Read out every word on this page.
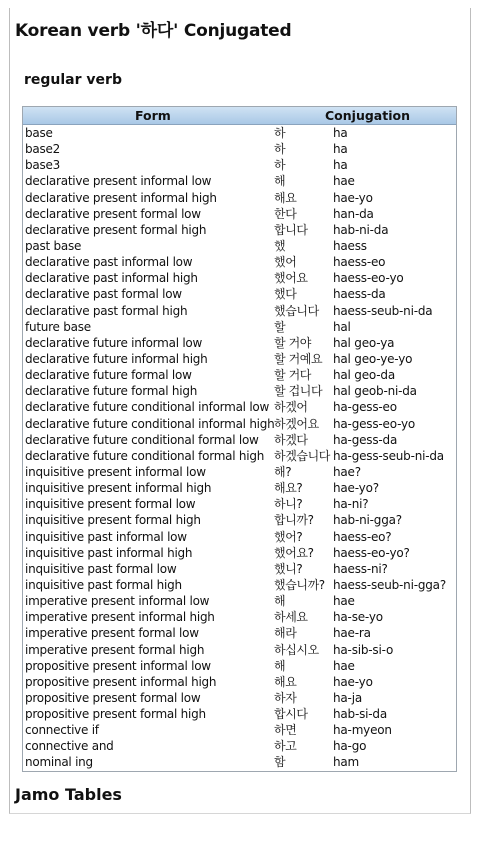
Korean verb '하다' Conjugated
regular verb
Form	Conjugation
base	하	ha
base2	하	ha
base3	하	ha
declarative present informal low	해	hae
declarative present informal high	해요	hae-yo
declarative present formal low	한다	han-da
declarative present formal high	합니다 hab-ni-da
past base	했	haess
declarative past informal low	했어	haess-eo
declarative past informal high	했어요 haess-eo-yo
declarative past formal low	했다	haess-da
declarative past formal high	했습니다 haess-seub-ni-da
future base	할	hal
declarative future informal low	할 거야 hal geo-ya
declarative future informal high	할 거예요 hal geo-ye-yo
declarative future formal low	할 거다 hal geo-da
declarative future formal high	할 겁니다 hal geob-ni-da
declarative future conditional informal low 하겠어 ha-gess-eo
declarative future conditional informal high 하겠어요 ha-gess-eo-yo
declarative future conditional formal low 하겠다 ha-gess-da
declarative future conditional formal high 하겠습니다 ha-gess-seub-ni-da
inquisitive present informal low	해?	hae?
inquisitive present informal high	해요?	hae-yo?
inquisitive present formal low	하니?	ha-ni?
inquisitive present formal high	합니까? hab-ni-gga?
inquisitive past informal low	했어?	haess-eo?
inquisitive past informal high	했어요? haess-eo-yo?
inquisitive past formal low	했니?	haess-ni?
inquisitive past formal high	했습니까? haess-seub-ni-gga?
imperative present informal low	해	hae
imperative present informal high	하세요 ha-se-yo
imperative present formal low	해라	hae-ra
imperative present formal high	하십시오 ha-sib-si-o
propositive present informal low	해	hae
propositive present informal high	해요	hae-yo
propositive present formal low	하자	ha-ja
propositive present formal high	합시다 hab-si-da
connective if	하면	ha-myeon
connective and	하고	ha-go
nominal ing	함	ham
Jamo Tables
